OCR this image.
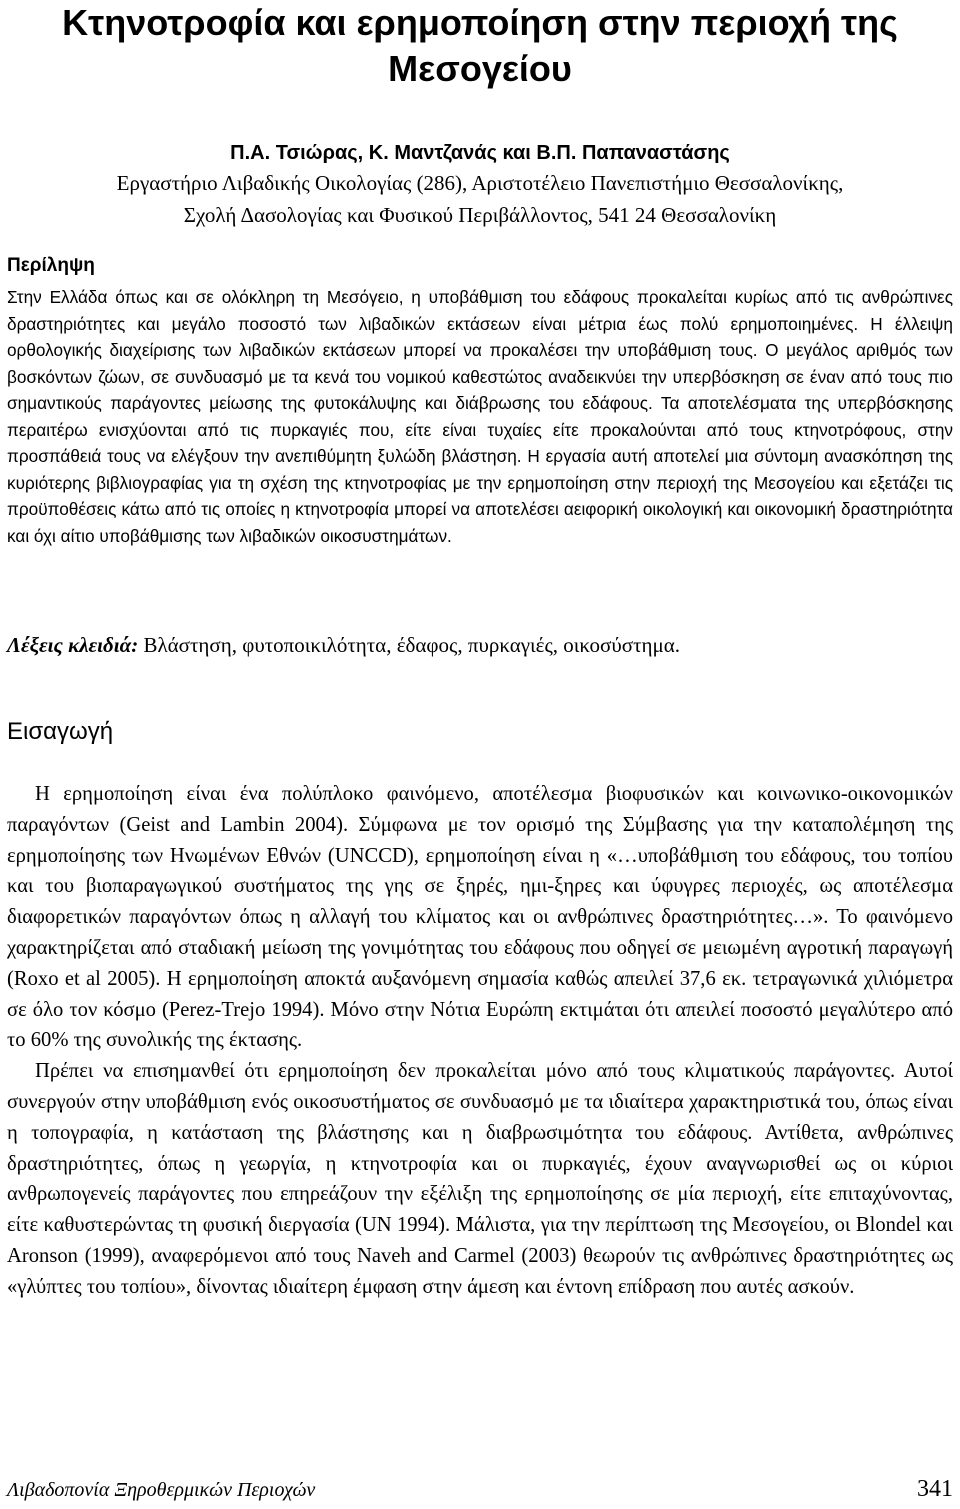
Κτηνοτροφία και ερημοποίηση στην περιοχή της Μεσογείου
Π.Α. Τσιώρας, Κ. Μαντζανάς και Β.Π. Παπαναστάσης
Εργαστήριο Λιβαδικής Οικολογίας (286), Αριστοτέλειο Πανεπιστήμιο Θεσσαλονίκης,
Σχολή Δασολογίας και Φυσικού Περιβάλλοντος, 541 24 Θεσσαλονίκη
Περίληψη

Στην Ελλάδα όπως και σε ολόκληρη τη Μεσόγειο, η υποβάθμιση του εδάφους προκαλείται κυρίως από τις ανθρώπινες δραστηριότητες και μεγάλο ποσοστό των λιβαδικών εκτάσεων είναι μέτρια έως πολύ ερημοποιημένες. Η έλλειψη ορθολογικής διαχείρισης των λιβαδικών εκτάσεων μπορεί να προκαλέσει την υποβάθμιση τους. Ο μεγάλος αριθμός των βοσκόντων ζώων, σε συνδυασμό με τα κενά του νομικού καθεστώτος αναδεικνύει την υπερβόσκηση σε έναν από τους πιο σημαντικούς παράγοντες μείωσης της φυτοκάλυψης και διάβρωσης του εδάφους. Τα αποτελέσματα της υπερβόσκησης περαιτέρω ενισχύονται από τις πυρκαγιές που, είτε είναι τυχαίες είτε προκαλούνται από τους κτηνοτρόφους, στην προσπάθειά τους να ελέγξουν την ανεπιθύμητη ξυλώδη βλάστηση. Η εργασία αυτή αποτελεί μια σύντομη ανασκόπηση της κυριότερης βιβλιογραφίας για τη σχέση της κτηνοτροφίας με την ερημοποίηση στην περιοχή της Μεσογείου και εξετάζει τις προϋποθέσεις κάτω από τις οποίες η κτηνοτροφία μπορεί να αποτελέσει αειφορική οικολογική και οικονομική δραστηριότητα και όχι αίτιο υποβάθμισης των λιβαδικών οικοσυστημάτων.

Λέξεις κλειδιά: Βλάστηση, φυτοποικιλότητα, έδαφος, πυρκαγιές, οικοσύστημα.

Εισαγωγή

Η ερημοποίηση είναι ένα πολύπλοκο φαινόμενο, αποτέλεσμα βιοφυσικών και κοινωνικο-οικονομικών παραγόντων (Geist and Lambin 2004). Σύμφωνα με τον ορισμό της Σύμβασης για την καταπολέμηση της ερημοποίησης των Ηνωμένων Εθνών (UNCCD), ερημοποίηση είναι η «…υποβάθμιση του εδάφους, του τοπίου και του βιοπαραγωγικού συστήματος της γης σε ξηρές, ημι-ξηρες και ύφυγρες περιοχές, ως αποτέλεσμα διαφορετικών παραγόντων όπως η αλλαγή του κλίματος και οι ανθρώπινες δραστηριότητες…». Το φαινόμενο χαρακτηρίζεται από σταδιακή μείωση της γονιμότητας του εδάφους που οδηγεί σε μειωμένη αγροτική παραγωγή (Roxo et al 2005). Η ερημοποίηση αποκτά αυξανόμενη σημασία καθώς απειλεί 37,6 εκ. τετραγωνικά χιλιόμετρα σε όλο τον κόσμο (Perez-Trejo 1994). Μόνο στην Νότια Ευρώπη εκτιμάται ότι απειλεί ποσοστό μεγαλύτερο από το 60% της συνολικής της έκτασης.

Πρέπει να επισημανθεί ότι ερημοποίηση δεν προκαλείται μόνο από τους κλιματικούς παράγοντες. Αυτοί συνεργούν στην υποβάθμιση ενός οικοσυστήματος σε συνδυασμό με τα ιδιαίτερα χαρακτηριστικά του, όπως είναι η τοπογραφία, η κατάσταση της βλάστησης και η διαβρωσιμότητα του εδάφους. Αντίθετα, ανθρώπινες δραστηριότητες, όπως η γεωργία, η κτηνοτροφία και οι πυρκαγιές, έχουν αναγνωρισθεί ως οι κύριοι ανθρωπογενείς παράγοντες που επηρεάζουν την εξέλιξη της ερημοποίησης σε μία περιοχή, είτε επιταχύνοντας, είτε καθυστερώντας τη φυσική διεργασία (UN 1994). Μάλιστα, για την περίπτωση της Μεσογείου, οι Blondel και Aronson (1999), αναφερόμενοι από τους Naveh and Carmel (2003) θεωρούν τις ανθρώπινες δραστηριότητες ως «γλύπτες του τοπίου», δίνοντας ιδιαίτερη έμφαση στην άμεση και έντονη επίδραση που αυτές ασκούν.

Λιβαδοπονία Ξηροθερμικών Περιοχών	341
